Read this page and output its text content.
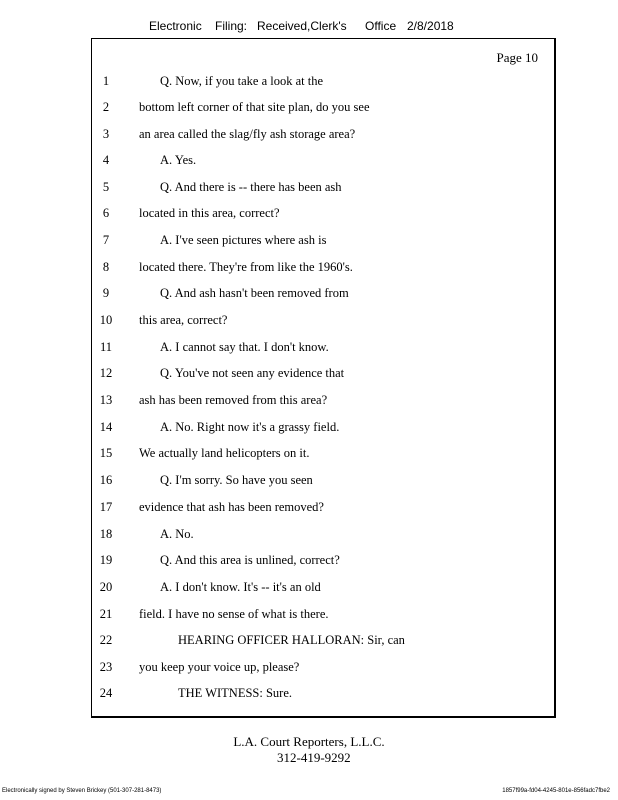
Electronic Filing: Received,Clerk's Office 2/8/2018
Page 10
1	Q. Now, if you take a look at the
2	bottom left corner of that site plan, do you see
3	an area called the slag/fly ash storage area?
4	A. Yes.
5	Q. And there is -- there has been ash
6	located in this area, correct?
7	A. I've seen pictures where ash is
8	located there. They're from like the 1960's.
9	Q. And ash hasn't been removed from
10	this area, correct?
11	A. I cannot say that. I don't know.
12	Q. You've not seen any evidence that
13	ash has been removed from this area?
14	A. No. Right now it's a grassy field.
15	We actually land helicopters on it.
16	Q. I'm sorry. So have you seen
17	evidence that ash has been removed?
18	A. No.
19	Q. And this area is unlined, correct?
20	A. I don't know. It's -- it's an old
21	field. I have no sense of what is there.
22	HEARING OFFICER HALLORAN: Sir, can
23	you keep your voice up, please?
24	THE WITNESS: Sure.
L.A. Court Reporters, L.L.C.
312-419-9292
Electronically signed by Steven Brickey (501-307-281-8473)	1857f99a-fd04-4245-801e-856fadc7fbe2
